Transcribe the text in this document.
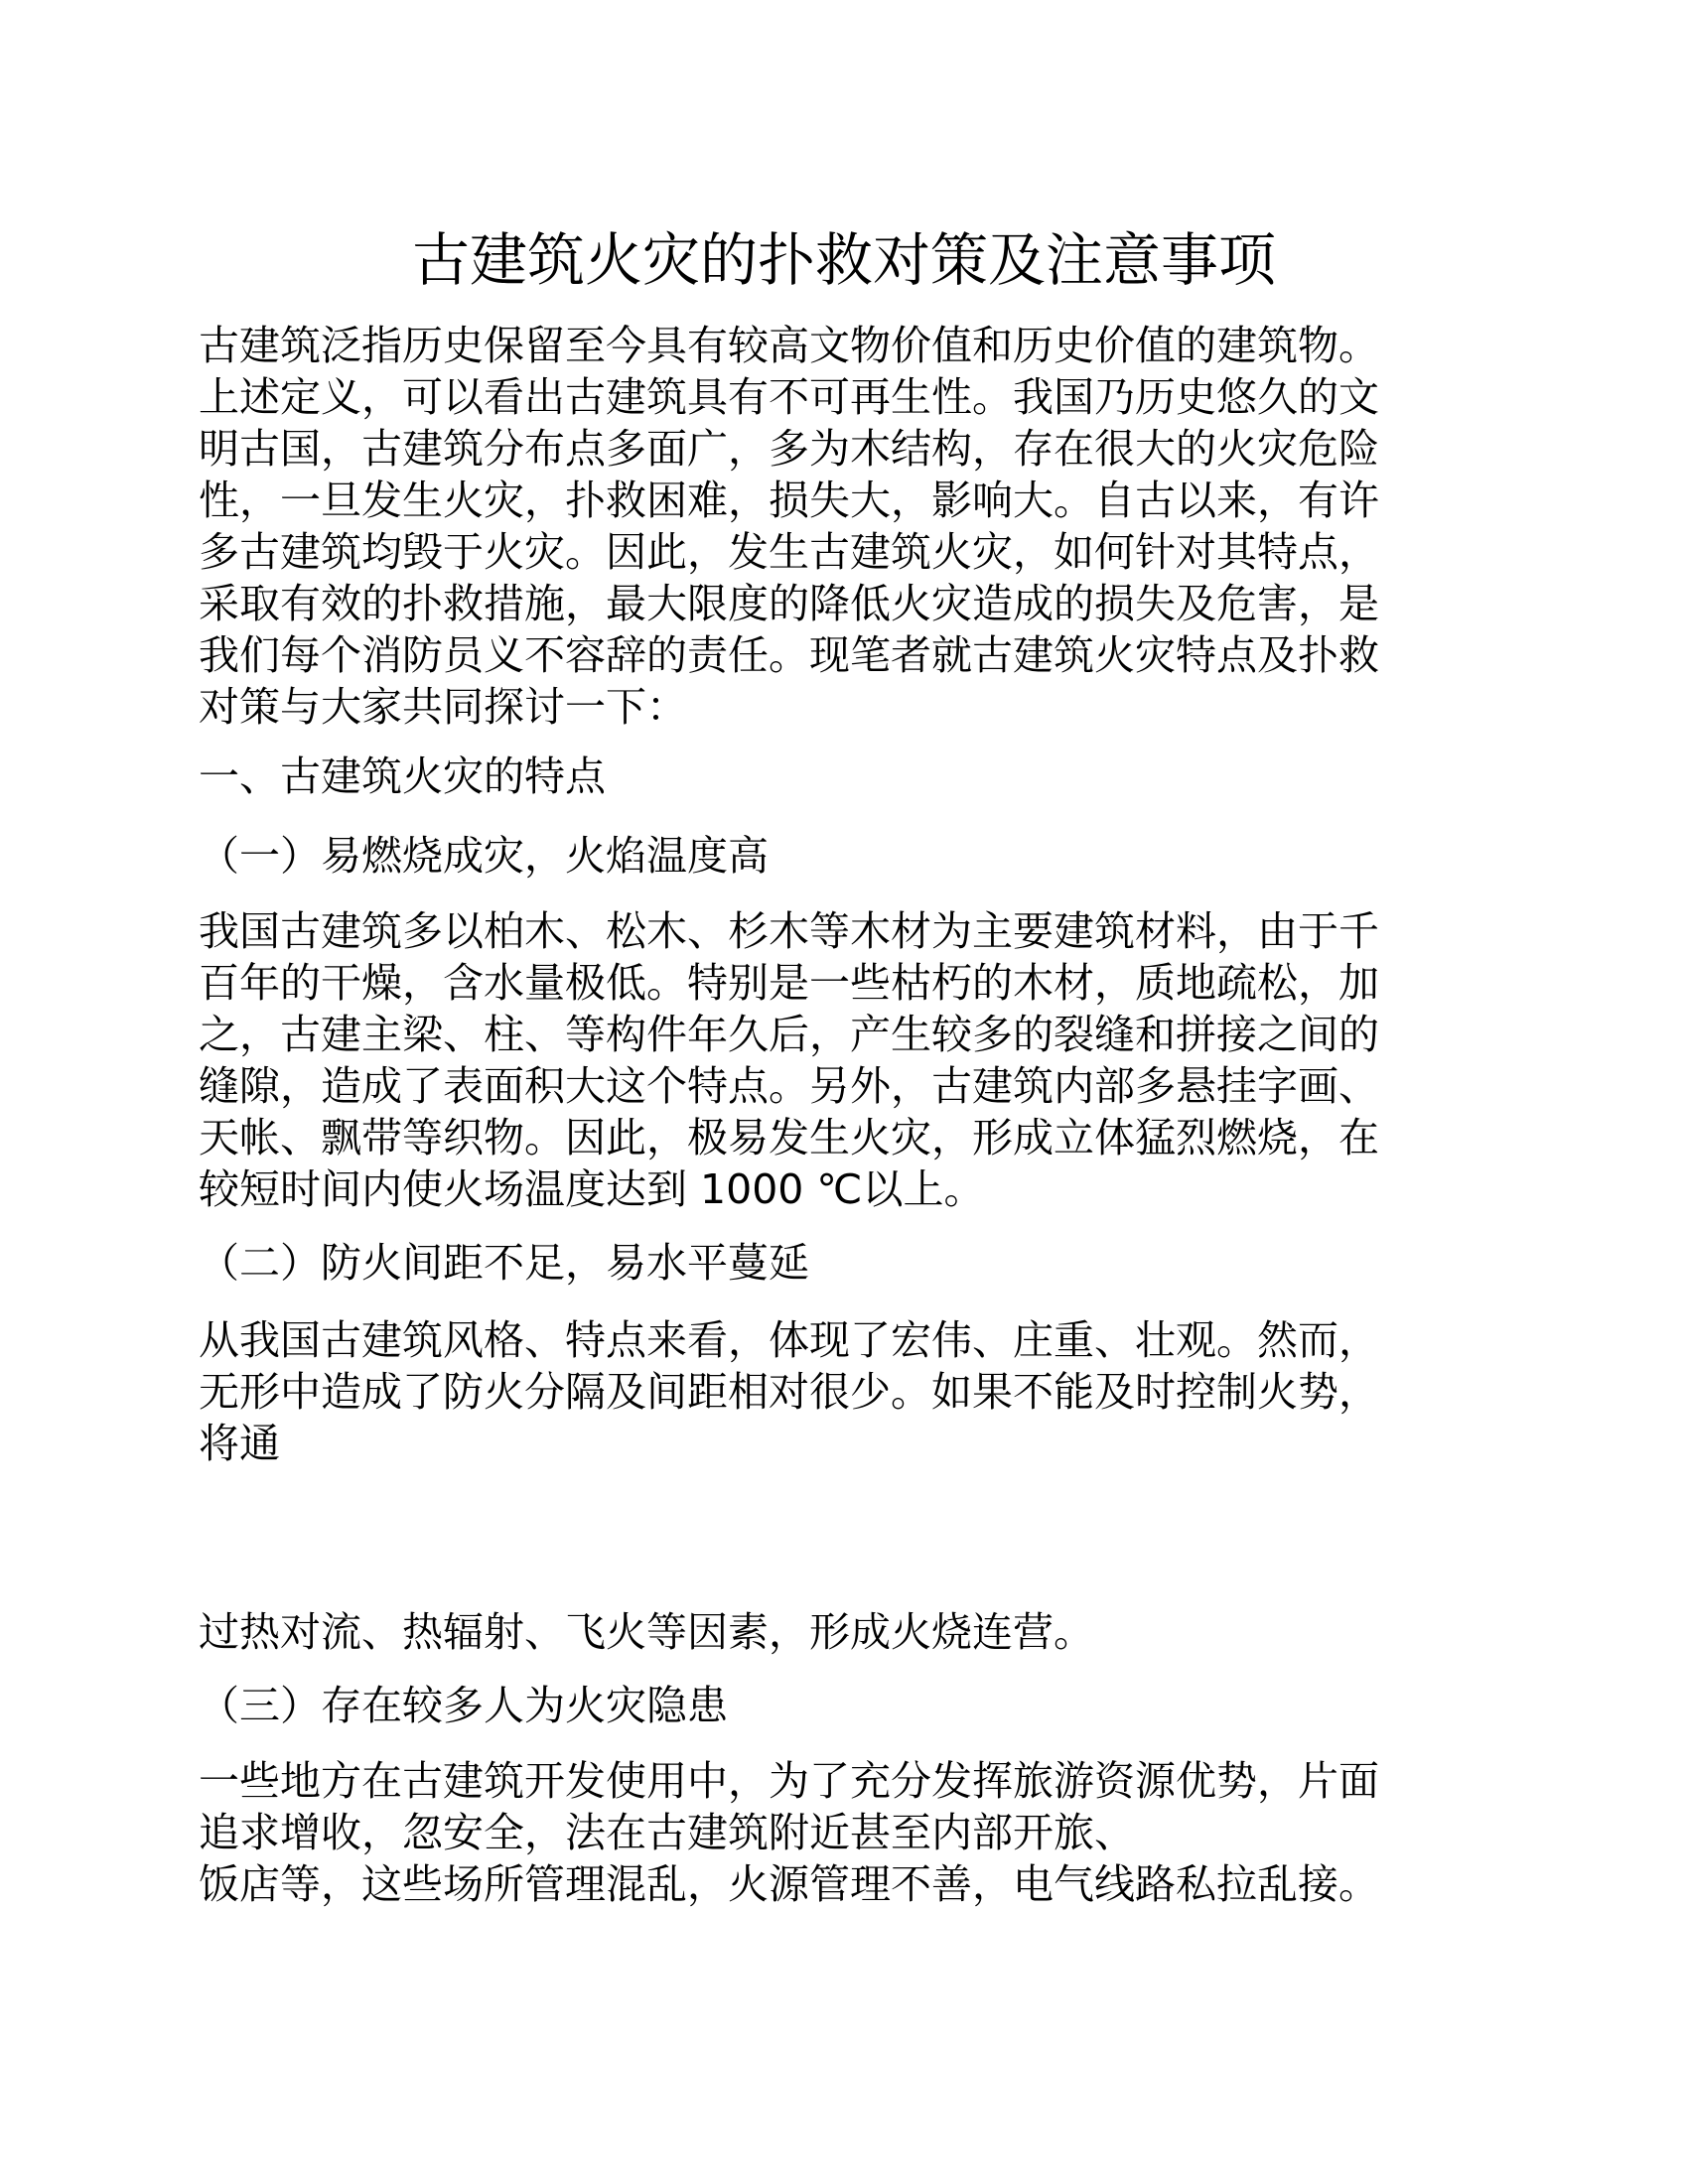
古建筑火灾的扑救对策及注意事项
古建筑泛指历史保留至今具有较高文物价值和历史价值的建筑物。
上述定义，可以看出古建筑具有不可再生性。我国乃历史悠久的文
明古国，古建筑分布点多面广，多为木结构，存在很大的火灾危险
性，一旦发生火灾，扑救困难，损失大，影响大。自古以来，有许
多古建筑均毁于火灾。因此，发生古建筑火灾，如何针对其特点，
采取有效的扑救措施，最大限度的降低火灾造成的损失及危害，是
我们每个消防员义不容辞的责任。现笔者就古建筑火灾特点及扑救
对策与大家共同探讨一下：
一、古建筑火灾的特点
（一）易燃烧成灾，火焰温度高
我国古建筑多以柏木、松木、杉木等木材为主要建筑材料，由于千
百年的干燥，含水量极低。特别是一些枯朽的木材，质地疏松，加
之，古建主梁、柱、等构件年久后，产生较多的裂缝和拼接之间的
缝隙，造成了表面积大这个特点。另外，古建筑内部多悬挂字画、
天帐、飘带等织物。因此，极易发生火灾，形成立体猛烈燃烧，在
较短时间内使火场温度达到 1000 ℃以上。
（二）防火间距不足，易水平蔓延
从我国古建筑风格、特点来看，体现了宏伟、庄重、壮观。然而，
无形中造成了防火分隔及间距相对很少。如果不能及时控制火势，
将通
过热对流、热辐射、飞火等因素，形成火烧连营。
（三）存在较多人为火灾隐患
一些地方在古建筑开发使用中，为了充分发挥旅游资源优势，片面
追求增收，忽安全，法在古建筑附近甚至内部开旅、
饭店等，这些场所管理混乱，火源管理不善，电气线路私拉乱接。
